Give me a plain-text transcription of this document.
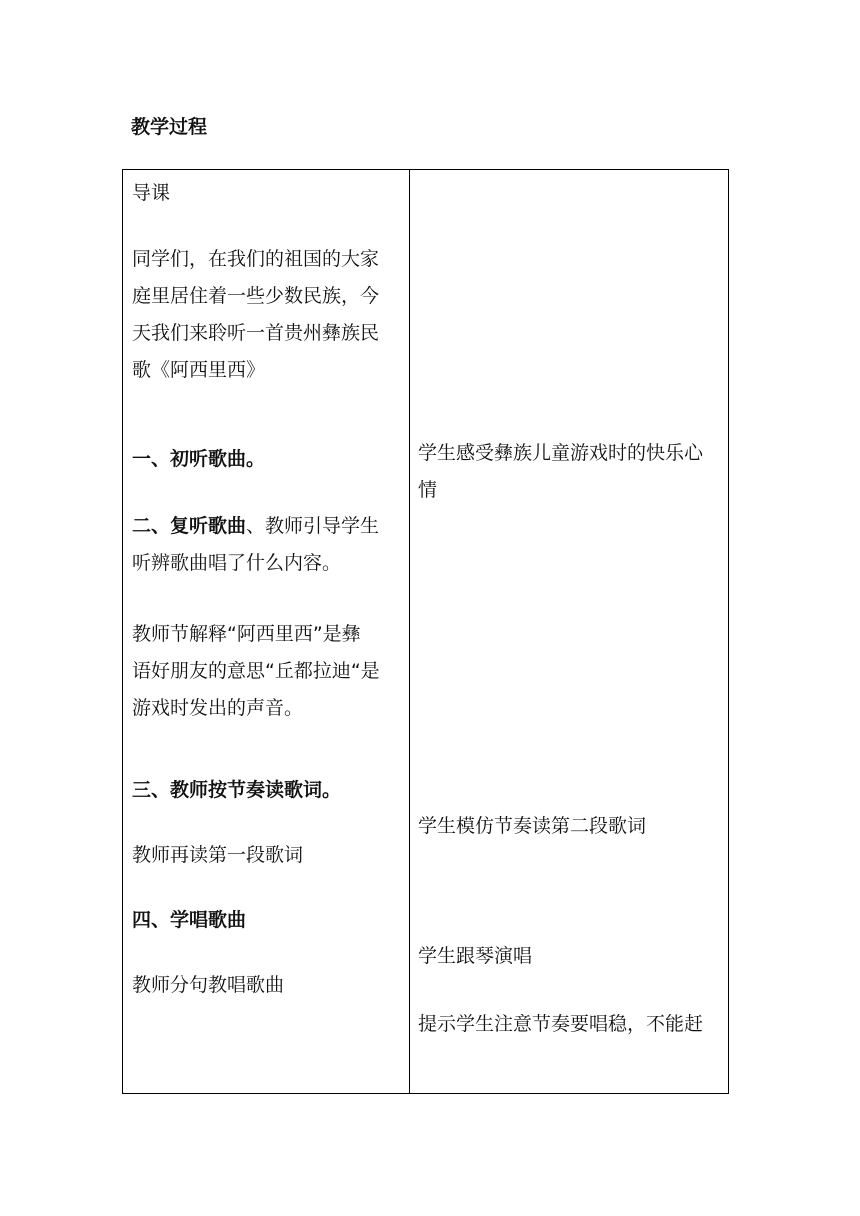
教学过程
导课
同学们，在我们的祖国的大家
庭里居住着一些少数民族，今
天我们来聆听一首贵州彝族民
歌《阿西里西》
一、初听歌曲。
二、复听歌曲、教师引导学生
听辨歌曲唱了什么内容。
教师节解释“阿西里西”是彝
语好朋友的意思“丘都拉迪“是
游戏时发出的声音。
三、教师按节奏读歌词。
教师再读第一段歌词
四、学唱歌曲
教师分句教唱歌曲
学生感受彝族儿童游戏时的快乐心
情
学生模仿节奏读第二段歌词
学生跟琴演唱
提示学生注意节奏要唱稳，不能赶
